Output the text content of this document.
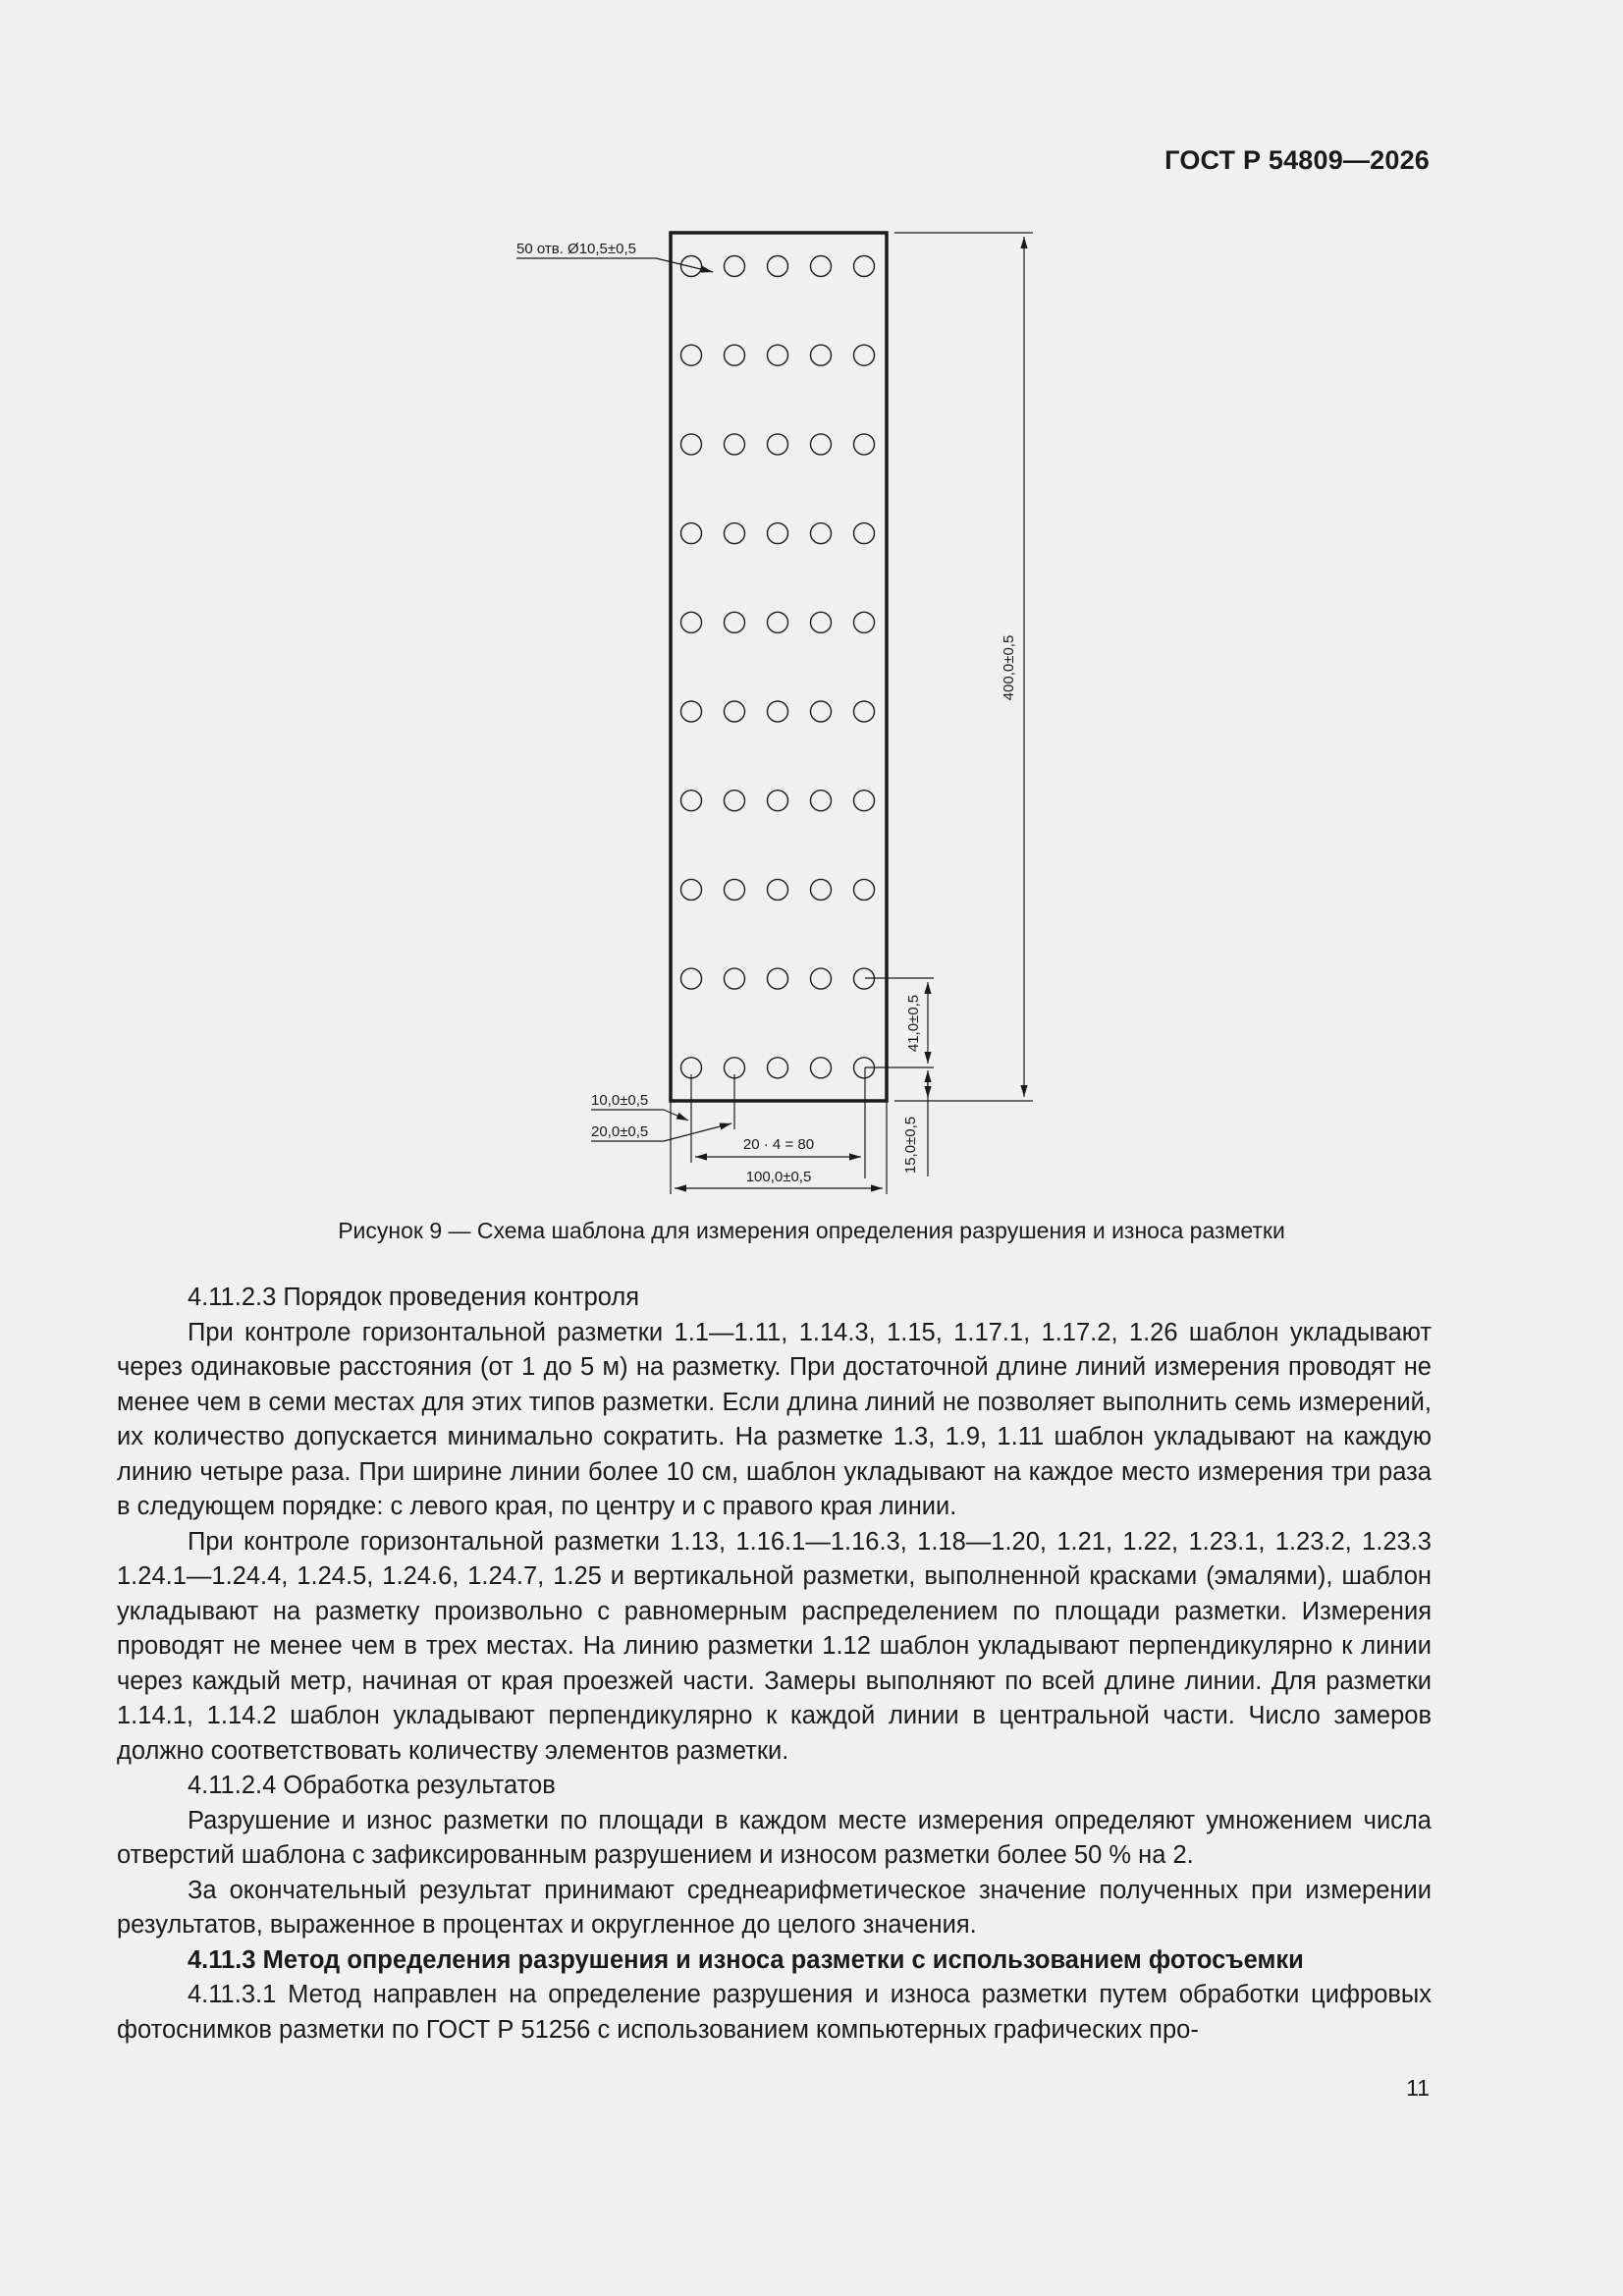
ГОСТ Р 54809—2026
50 отв. Ø10,5±0,5
400,0±0,5
41,0±0,5
15,0±0,5
10,0±0,5
20,0±0,5
20 · 4 = 80
100,0±0,5
Рисунок 9 — Схема шаблона для измерения определения разрушения и износа разметки

4.11.2.3 Порядок проведения контроля

При контроле горизонтальной разметки 1.1—1.11, 1.14.3, 1.15, 1.17.1, 1.17.2, 1.26 шаблон укладывают через одинаковые расстояния (от 1 до 5 м) на разметку. При достаточной длине линий измерения проводят не менее чем в семи местах для этих типов разметки. Если длина линий не позволяет выполнить семь измерений, их количество допускается минимально сократить. На разметке 1.3, 1.9, 1.11 шаблон укладывают на каждую линию четыре раза. При ширине линии более 10 см, шаблон укладывают на каждое место измерения три раза в следующем порядке: с левого края, по центру и с правого края линии.

При контроле горизонтальной разметки 1.13, 1.16.1—1.16.3, 1.18—1.20, 1.21, 1.22, 1.23.1, 1.23.2, 1.23.3 1.24.1—1.24.4, 1.24.5, 1.24.6, 1.24.7, 1.25 и вертикальной разметки, выполненной красками (эмалями), шаблон укладывают на разметку произвольно с равномерным распределением по площади разметки. Измерения проводят не менее чем в трех местах. На линию разметки 1.12 шаблон укладывают перпендикулярно к линии через каждый метр, начиная от края проезжей части. Замеры выполняют по всей длине линии. Для разметки 1.14.1, 1.14.2 шаблон укладывают перпендикулярно к каждой линии в центральной части. Число замеров должно соответствовать количеству элементов разметки.

4.11.2.4 Обработка результатов

Разрушение и износ разметки по площади в каждом месте измерения определяют умножением числа отверстий шаблона с зафиксированным разрушением и износом разметки более 50 % на 2.

За окончательный результат принимают среднеарифметическое значение полученных при измерении результатов, выраженное в процентах и округленное до целого значения.

4.11.3 Метод определения разрушения и износа разметки с использованием фотосъемки

4.11.3.1 Метод направлен на определение разрушения и износа разметки путем обработки цифровых фотоснимков разметки по ГОСТ Р 51256 с использованием компьютерных графических про-

11
